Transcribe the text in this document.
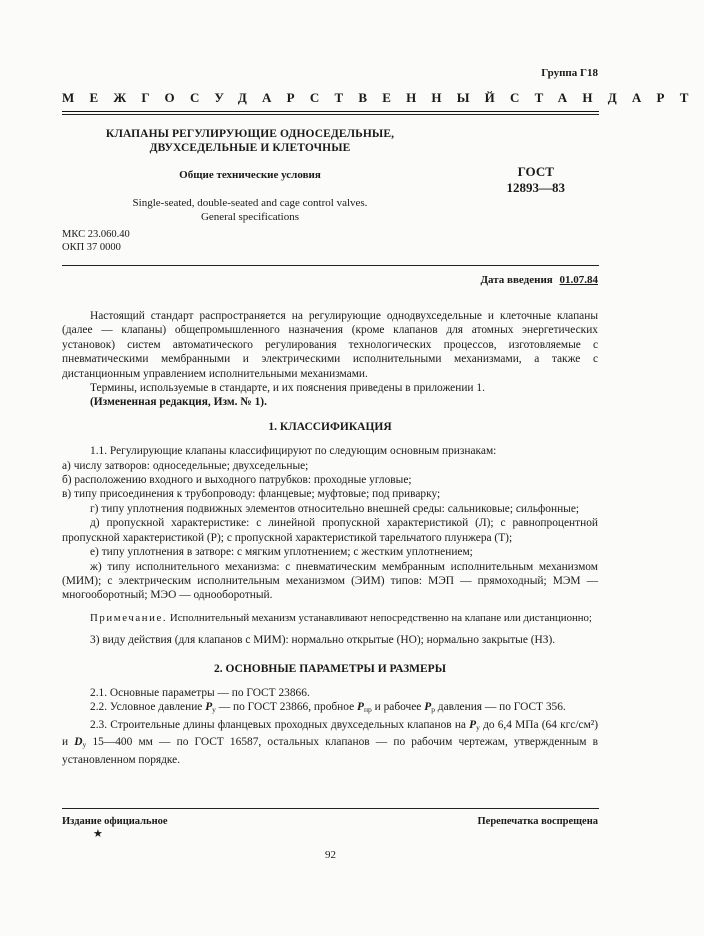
Группа Г18
МЕЖГОСУДАРСТВЕННЫЙ СТАНДАРТ
КЛАПАНЫ РЕГУЛИРУЮЩИЕ ОДНОСЕДЕЛЬНЫЕ,
ДВУХСЕДЕЛЬНЫЕ И КЛЕТОЧНЫЕ
Общие технические условия
Single-seated, double-seated and cage control valves.
General specifications
ГОСТ
12893—83
МКС 23.060.40
ОКП 37 0000
Дата введения 01.07.84

Настоящий стандарт распространяется на регулирующие однодвухседельные и клеточные клапаны (далее — клапаны) общепромышленного назначения (кроме клапанов для атомных энергетических установок) систем автоматического регулирования технологических процессов, изготовляемые с пневматическими мембранными и электрическими исполнительными механизмами, а также с дистанционным управлением исполнительными механизмами.

Термины, используемые в стандарте, и их пояснения приведены в приложении 1.

(Измененная редакция, Изм. № 1).

1. КЛАССИФИКАЦИЯ

1.1. Регулирующие клапаны классифицируют по следующим основным признакам:

а) числу затворов: односедельные; двухседельные;

б) расположению входного и выходного патрубков: проходные угловые;

в) типу присоединения к трубопроводу: фланцевые; муфтовые; под приварку;

г) типу уплотнения подвижных элементов относительно внешней среды: сальниковые; сильфонные;

д) пропускной характеристике: с линейной пропускной характеристикой (Л); с равнопроцентной пропускной характеристикой (Р); с пропускной характеристикой тарельчатого плунжера (Т);

е) типу уплотнения в затворе: с мягким уплотнением; с жестким уплотнением;

ж) типу исполнительного механизма: с пневматическим мембранным исполнительным механизмом (МИМ); с электрическим исполнительным механизмом (ЭИМ) типов: МЭП — прямоходный; МЭМ — многооборотный; МЭО — однооборотный.

Примечание. Исполнительный механизм устанавливают непосредственно на клапане или дистанционно;

3) виду действия (для клапанов с МИМ): нормально открытые (НО); нормально закрытые (НЗ).

2. ОСНОВНЫЕ ПАРАМЕТРЫ И РАЗМЕРЫ

2.1. Основные параметры — по ГОСТ 23866.

2.2. Условное давление $P_у$ — по ГОСТ 23866, пробное $P_{пр}$ и рабочее $P_р$ давления — по ГОСТ 356.

2.3. Строительные длины фланцевых проходных двухседельных клапанов на $P_у$ до 6,4 МПа (64 кгс/см²) и $D_у$ 15—400 мм — по ГОСТ 16587, остальных клапанов — по рабочим чертежам, утвержденным в установленном порядке.

Издание официальное
★
Перепечатка воспрещена
92
